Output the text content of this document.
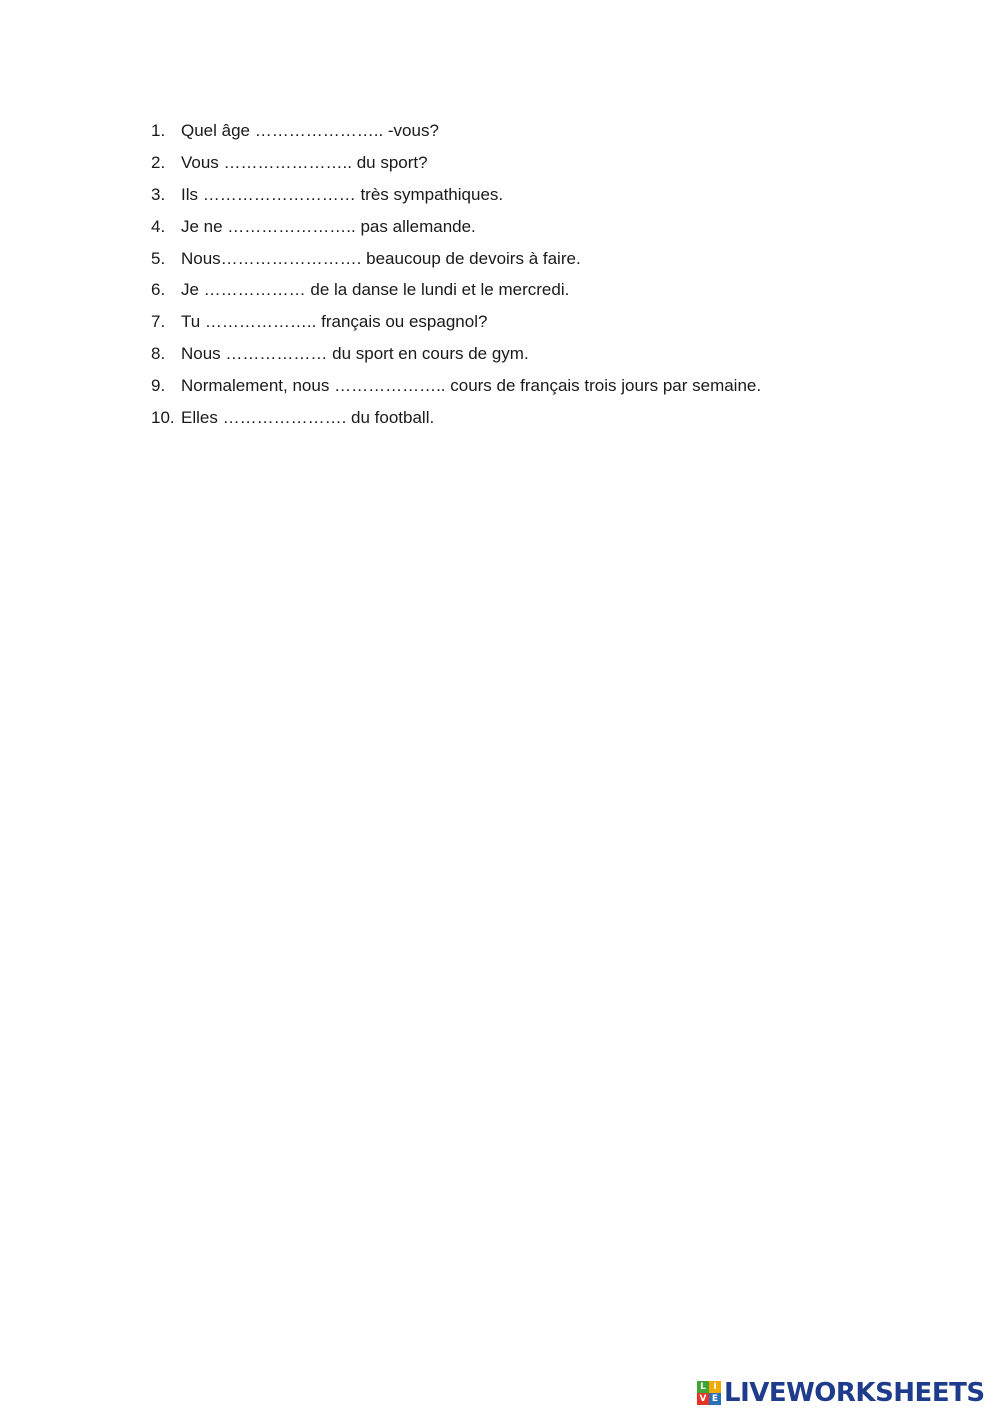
1. Quel âge ………………….. -vous?
2. Vous ………………….. du sport?
3. Ils ……………………… très sympathiques.
4. Je ne ………………….. pas allemande.
5. Nous……………………. beaucoup de devoirs à faire.
6. Je ……………… de la danse le lundi et le mercredi.
7. Tu ……………….. français ou espagnol?
8. Nous ……………… du sport en cours de gym.
9. Normalement, nous ……………….. cours de français trois jours par semaine.
10. Elles …………………. du football.
L I
V E LIVEWORKSHEETS
